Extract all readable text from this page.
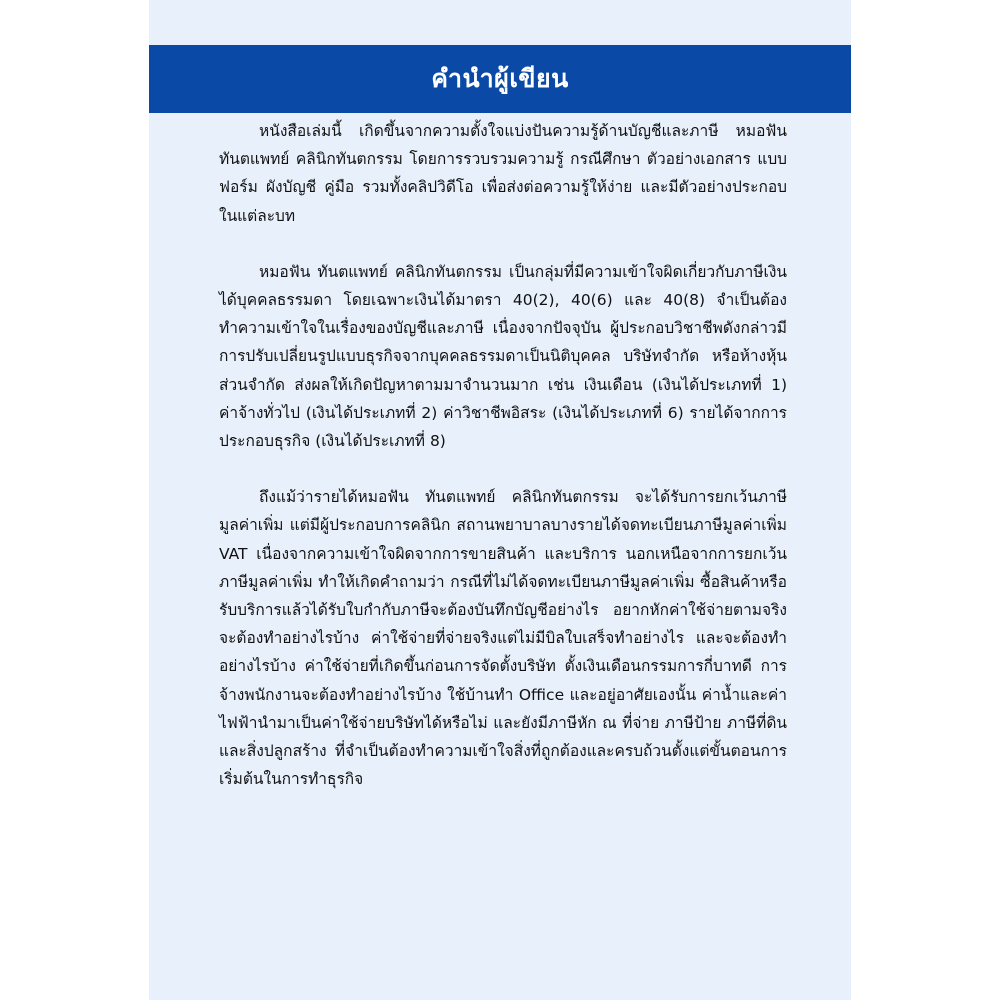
คำนำผู้เขียน

หนังสือเล่มนี้ เกิดขึ้นจากความตั้งใจแบ่งปันความรู้ด้านบัญชีและภาษี หมอฟัน ทันตแพทย์ คลินิกทันตกรรม โดยการรวบรวมความรู้ กรณีศึกษา ตัวอย่างเอกสาร แบบฟอร์ม ผังบัญชี คู่มือ รวมทั้งคลิปวิดีโอ เพื่อส่งต่อความรู้ให้ง่าย และมีตัวอย่างประกอบในแต่ละบท

หมอฟัน ทันตแพทย์ คลินิกทันตกรรม เป็นกลุ่มที่มีความเข้าใจผิดเกี่ยวกับภาษีเงินได้บุคคลธรรมดา โดยเฉพาะเงินได้มาตรา 40(2), 40(6) และ 40(8) จำเป็นต้องทำความเข้าใจในเรื่องของบัญชีและภาษี เนื่องจากปัจจุบัน ผู้ประกอบวิชาชีพดังกล่าวมีการปรับเปลี่ยนรูปแบบธุรกิจจากบุคคลธรรมดาเป็นนิติบุคคล บริษัทจำกัด หรือห้างหุ้นส่วนจำกัด ส่งผลให้เกิดปัญหาตามมาจำนวนมาก เช่น เงินเดือน (เงินได้ประเภทที่ 1) ค่าจ้างทั่วไป (เงินได้ประเภทที่ 2) ค่าวิชาชีพอิสระ (เงินได้ประเภทที่ 6) รายได้จากการประกอบธุรกิจ (เงินได้ประเภทที่ 8)

ถึงแม้ว่ารายได้หมอฟัน ทันตแพทย์ คลินิกทันตกรรม จะได้รับการยกเว้นภาษีมูลค่าเพิ่ม แต่มีผู้ประกอบการคลินิก สถานพยาบาลบางรายได้จดทะเบียนภาษีมูลค่าเพิ่ม VAT เนื่องจากความเข้าใจผิดจากการขายสินค้า และบริการ นอกเหนือจากการยกเว้นภาษีมูลค่าเพิ่ม ทำให้เกิดคำถามว่า กรณีที่ไม่ได้จดทะเบียนภาษีมูลค่าเพิ่ม ซื้อสินค้าหรือรับบริการแล้วได้รับใบกำกับภาษีจะต้องบันทึกบัญชีอย่างไร อยากหักค่าใช้จ่ายตามจริงจะต้องทำอย่างไรบ้าง ค่าใช้จ่ายที่จ่ายจริงแต่ไม่มีบิลใบเสร็จทำอย่างไร และจะต้องทำอย่างไรบ้าง ค่าใช้จ่ายที่เกิดขึ้นก่อนการจัดตั้งบริษัท ตั้งเงินเดือนกรรมการกี่บาทดี การจ้างพนักงานจะต้องทำอย่างไรบ้าง ใช้บ้านทำ Office และอยู่อาศัยเองนั้น ค่าน้ำและค่าไฟฟ้านำมาเป็นค่าใช้จ่ายบริษัทได้หรือไม่ และยังมีภาษีหัก ณ ที่จ่าย ภาษีป้าย ภาษีที่ดินและสิ่งปลูกสร้าง ที่จำเป็นต้องทำความเข้าใจสิ่งที่ถูกต้องและครบถ้วนตั้งแต่ขั้นตอนการเริ่มต้นในการทำธุรกิจ
